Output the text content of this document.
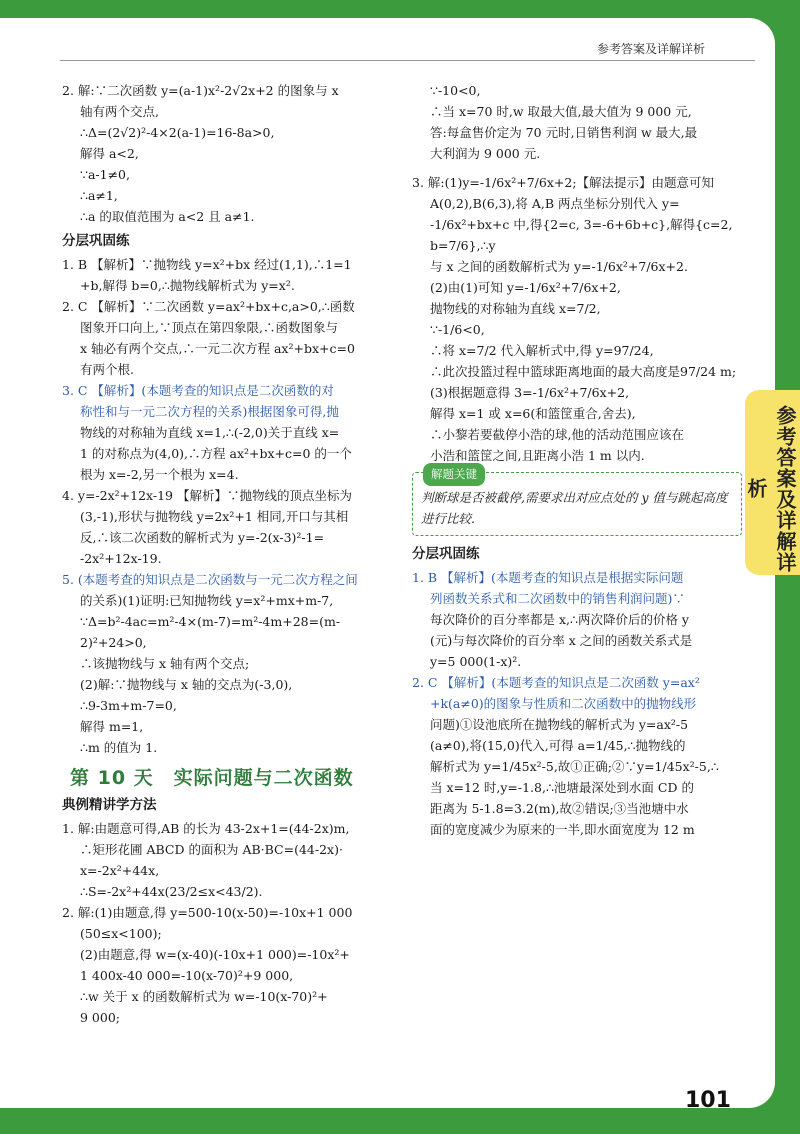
参考答案及详解详析

2. 解:∵二次函数 y=(a-1)x²-2√2x+2 的图象与 x

轴有两个交点,

∴Δ=(2√2)²-4×2(a-1)=16-8a>0,

解得 a<2,

∵a-1≠0,

∴a≠1,

∴a 的取值范围为 a<2 且 a≠1.

分层巩固练

1. B 【解析】∵抛物线 y=x²+bx 经过(1,1),∴1=1

+b,解得 b=0,∴抛物线解析式为 y=x².

2. C 【解析】∵二次函数 y=ax²+bx+c,a>0,∴函数

图象开口向上,∵顶点在第四象限,∴函数图象与

x 轴必有两个交点,∴一元二次方程 ax²+bx+c=0

有两个根.

3. C 【解析】(本题考查的知识点是二次函数的对

称性和与一元二次方程的关系)根据图象可得,抛

物线的对称轴为直线 x=1,∴(-2,0)关于直线 x=

1 的对称点为(4,0),∴方程 ax²+bx+c=0 的一个

根为 x=-2,另一个根为 x=4.

4. y=-2x²+12x-19 【解析】∵抛物线的顶点坐标为

(3,-1),形状与抛物线 y=2x²+1 相同,开口与其相

反,∴该二次函数的解析式为 y=-2(x-3)²-1=

-2x²+12x-19.

5. (本题考查的知识点是二次函数与一元二次方程之间

的关系)(1)证明:已知抛物线 y=x²+mx+m-7,

∵Δ=b²-4ac=m²-4×(m-7)=m²-4m+28=(m-

2)²+24>0,

∴该抛物线与 x 轴有两个交点;

(2)解:∵抛物线与 x 轴的交点为(-3,0),

∴9-3m+m-7=0,

解得 m=1,

∴m 的值为 1.

第 10 天　实际问题与二次函数
典例精讲学方法

1. 解:由题意可得,AB 的长为 43-2x+1=(44-2x)m,

∴矩形花圃 ABCD 的面积为 AB·BC=(44-2x)·

x=-2x²+44x,

∴S=-2x²+44x(23/2≤x<43/2).

2. 解:(1)由题意,得 y=500-10(x-50)=-10x+1 000

(50≤x<100);

(2)由题意,得 w=(x-40)(-10x+1 000)=-10x²+

1 400x-40 000=-10(x-70)²+9 000,

∴w 关于 x 的函数解析式为 w=-10(x-70)²+

9 000;

∵-10<0,

∴当 x=70 时,w 取最大值,最大值为 9 000 元,

答:每盒售价定为 70 元时,日销售利润 w 最大,最

大利润为 9 000 元.

3. 解:(1)y=-1/6x²+7/6x+2;【解法提示】由题意可知

A(0,2),B(6,3),将 A,B 两点坐标分别代入 y=

-1/6x²+bx+c 中,得{2=c, 3=-6+6b+c},解得{c=2, b=7/6},∴y

与 x 之间的函数解析式为 y=-1/6x²+7/6x+2.

(2)由(1)可知 y=-1/6x²+7/6x+2,

抛物线的对称轴为直线 x=7/2,

∵-1/6<0,

∴将 x=7/2 代入解析式中,得 y=97/24,

∴此次投篮过程中篮球距离地面的最大高度是97/24 m;

(3)根据题意得 3=-1/6x²+7/6x+2,

解得 x=1 或 x=6(和篮筐重合,舍去),

∴小黎若要截停小浩的球,他的活动范围应该在

小浩和篮筐之间,且距离小浩 1 m 以内.

解题关键
判断球是否被截停,需要求出对应点处的 y 值与跳起高度进行比较.
分层巩固练

1. B 【解析】(本题考查的知识点是根据实际问题

列函数关系式和二次函数中的销售利润问题)∵

每次降价的百分率都是 x,∴两次降价后的价格 y

(元)与每次降价的百分率 x 之间的函数关系式是

y=5 000(1-x)².

2. C 【解析】(本题考查的知识点是二次函数 y=ax²

+k(a≠0)的图象与性质和二次函数中的抛物线形

问题)①设池底所在抛物线的解析式为 y=ax²-5

(a≠0),将(15,0)代入,可得 a=1/45,∴抛物线的

解析式为 y=1/45x²-5,故①正确;②∵y=1/45x²-5,∴

当 x=12 时,y=-1.8,∴池塘最深处到水面 CD 的

距离为 5-1.8=3.2(m),故②错误;③当池塘中水

面的宽度减少为原来的一半,即水面宽度为 12 m

101
参考答案及详解详析
